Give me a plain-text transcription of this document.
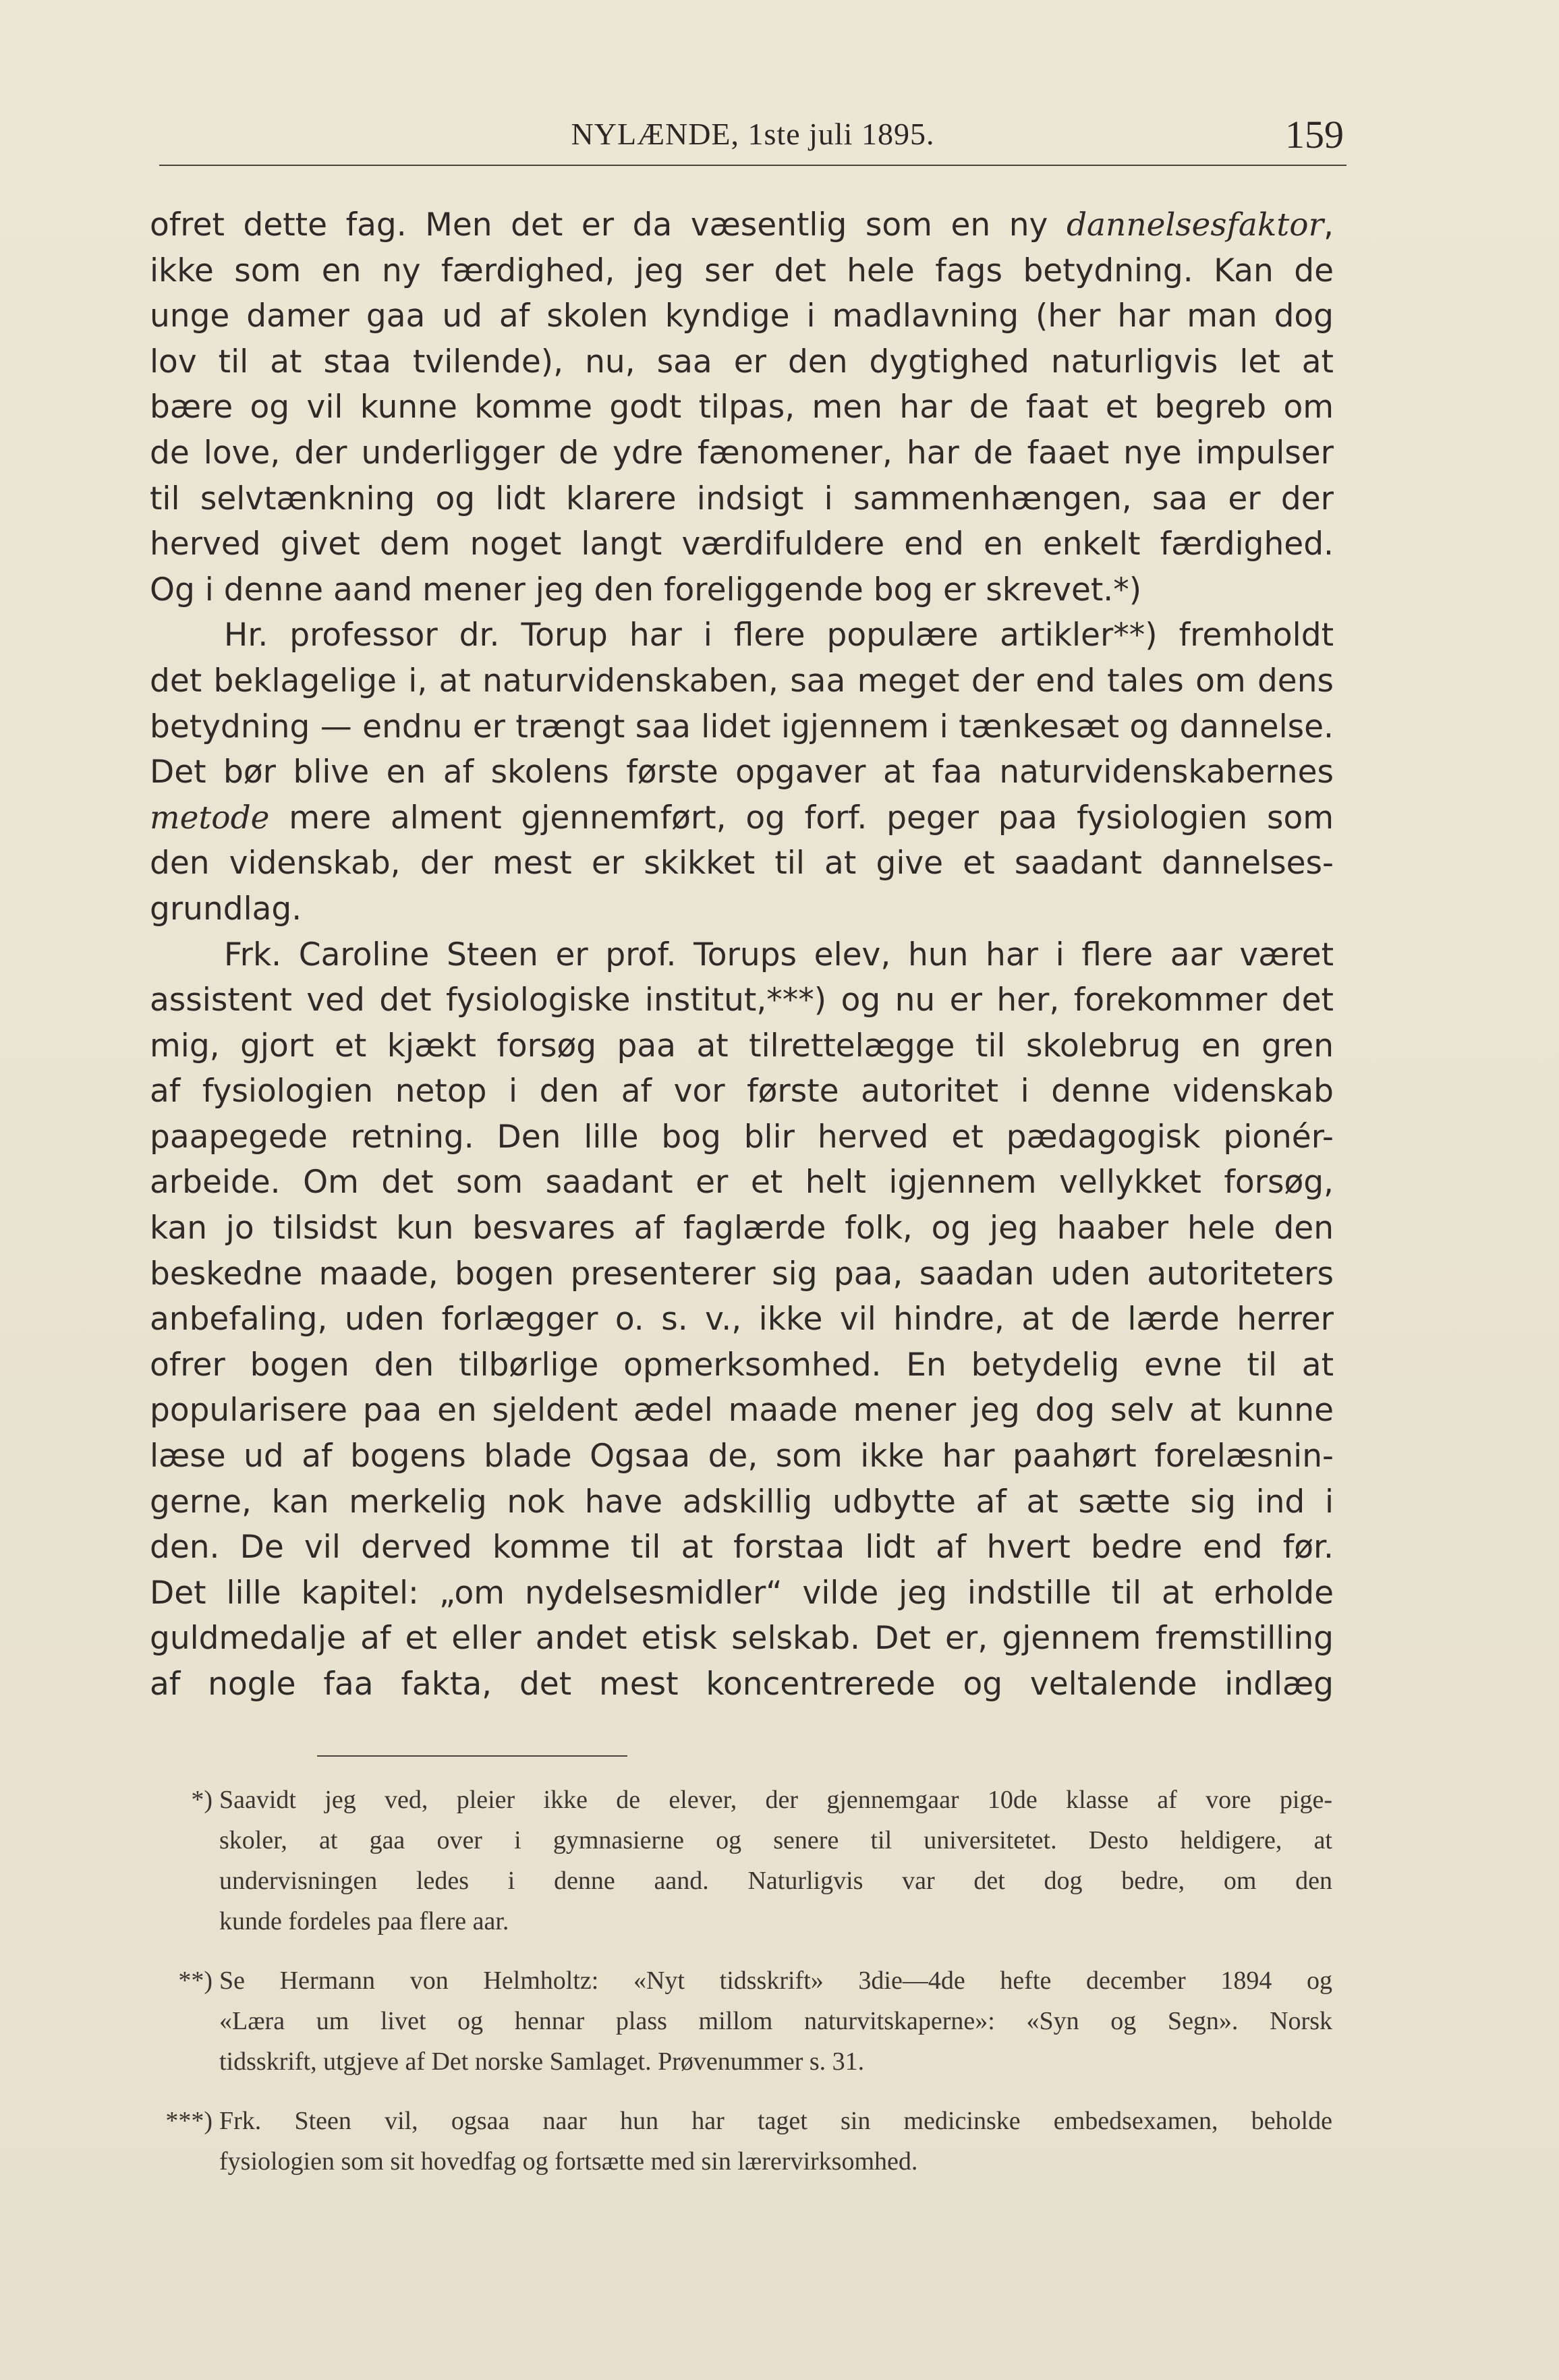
NYLÆNDE, 1ste juli 1895.	159
ofret dette fag. Men det er da væsentlig som en ny dannelsesfaktor,
ikke som en ny færdighed, jeg ser det hele fags betydning. Kan de
unge damer gaa ud af skolen kyndige i madlavning (her har man dog
lov til at staa tvilende), nu, saa er den dygtighed naturligvis let at
bære og vil kunne komme godt tilpas, men har de faat et begreb om
de love, der underligger de ydre fænomener, har de faaet nye impulser
til selvtænkning og lidt klarere indsigt i sammenhængen, saa er der
herved givet dem noget langt værdifuldere end en enkelt færdighed.
Og i denne aand mener jeg den foreliggende bog er skrevet.*)
Hr. professor dr. Torup har i flere populære artikler**) fremholdt
det beklagelige i, at naturvidenskaben, saa meget der end tales om dens
betydning — endnu er trængt saa lidet igjennem i tænkesæt og dannelse.
Det bør blive en af skolens første opgaver at faa naturvidenskabernes
metode mere alment gjennemført, og forf. peger paa fysiologien som
den videnskab, der mest er skikket til at give et saadant dannelses-
grundlag.
Frk. Caroline Steen er prof. Torups elev, hun har i flere aar været
assistent ved det fysiologiske institut,***) og nu er her, forekommer det
mig, gjort et kjækt forsøg paa at tilrettelægge til skolebrug en gren
af fysiologien netop i den af vor første autoritet i denne videnskab
paapegede retning. Den lille bog blir herved et pædagogisk pionér-
arbeide. Om det som saadant er et helt igjennem vellykket forsøg,
kan jo tilsidst kun besvares af faglærde folk, og jeg haaber hele den
beskedne maade, bogen presenterer sig paa, saadan uden autoriteters
anbefaling, uden forlægger o. s. v., ikke vil hindre, at de lærde herrer
ofrer bogen den tilbørlige opmerksomhed. En betydelig evne til at
popularisere paa en sjeldent ædel maade mener jeg dog selv at kunne
læse ud af bogens blade Ogsaa de, som ikke har paahørt forelæsnin-
gerne, kan merkelig nok have adskillig udbytte af at sætte sig ind i
den. De vil derved komme til at forstaa lidt af hvert bedre end før.
Det lille kapitel: „om nydelsesmidler“ vilde jeg indstille til at erholde
guldmedalje af et eller andet etisk selskab. Det er, gjennem fremstilling
af nogle faa fakta, det mest koncentrerede og veltalende indlæg
*) Saavidt jeg ved, pleier ikke de elever, der gjennemgaar 10de klasse af vore pige-
skoler, at gaa over i gymnasierne og senere til universitetet. Desto heldigere, at
undervisningen ledes i denne aand. Naturligvis var det dog bedre, om den
kunde fordeles paa flere aar.
**) Se Hermann von Helmholtz: «Nyt tidsskrift» 3die—4de hefte december 1894 og
«Læra um livet og hennar plass millom naturvitskaperne»: «Syn og Segn». Norsk
tidsskrift, utgjeve af Det norske Samlaget. Prøvenummer s. 31.
***) Frk. Steen vil, ogsaa naar hun har taget sin medicinske embedsexamen, beholde
fysiologien som sit hovedfag og fortsætte med sin lærervirksomhed.
